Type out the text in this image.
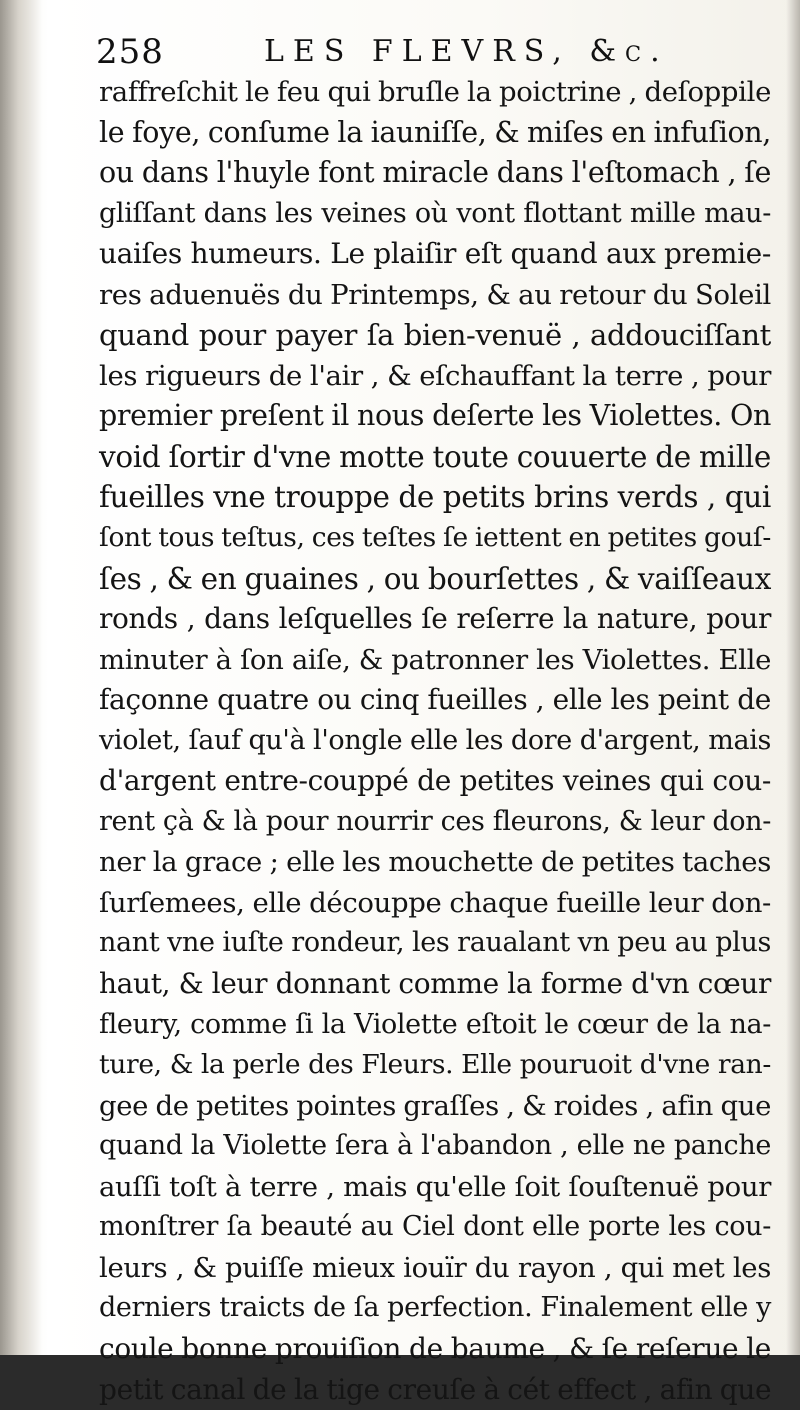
258	LES FLEVRS, &c.
raffreſchit le feu qui bruſle la poictrine , deſoppile
le foye, conſume la iauniſſe, & miſes en infuſion,
ou dans l'huyle font miracle dans l'eſtomach , ſe
gliſſant dans les veines où vont flottant mille mau-
uaiſes humeurs. Le plaiſir eſt quand aux premie-
res aduenuës du Printemps, & au retour du Soleil
quand pour payer ſa bien-venuë , addouciſſant
les rigueurs de l'air , & eſchauffant la terre , pour
premier preſent il nous deſerte les Violettes. On
void ſortir d'vne motte toute couuerte de mille
fueilles vne trouppe de petits brins verds , qui
ſont tous teſtus, ces teſtes ſe iettent en petites gouſ-
ſes , & en guaines , ou bourſettes , & vaiſſeaux
ronds , dans leſquelles ſe reſerre la nature, pour
minuter à ſon aiſe, & patronner les Violettes. Elle
façonne quatre ou cinq fueilles , elle les peint de
violet, ſauf qu'à l'ongle elle les dore d'argent, mais
d'argent entre-couppé de petites veines qui cou-
rent çà & là pour nourrir ces fleurons, & leur don-
ner la grace ; elle les mouchette de petites taches
ſurſemees, elle découppe chaque fueille leur don-
nant vne iuſte rondeur, les raualant vn peu au plus
haut, & leur donnant comme la forme d'vn cœur
fleury, comme ſi la Violette eſtoit le cœur de la na-
ture, & la perle des Fleurs. Elle pouruoit d'vne ran-
gee de petites pointes graſſes , & roides , afin que
quand la Violette ſera à l'abandon , elle ne panche
auſſi toſt à terre , mais qu'elle ſoit ſouſtenuë pour
monſtrer ſa beauté au Ciel dont elle porte les cou-
leurs , & puiſſe mieux iouïr du rayon , qui met les
derniers traicts de ſa perfection. Finalement elle y
coule bonne prouiſion de baume , & ſe reſerue le
petit canal de la tige creuſe à cét effect , afin que
